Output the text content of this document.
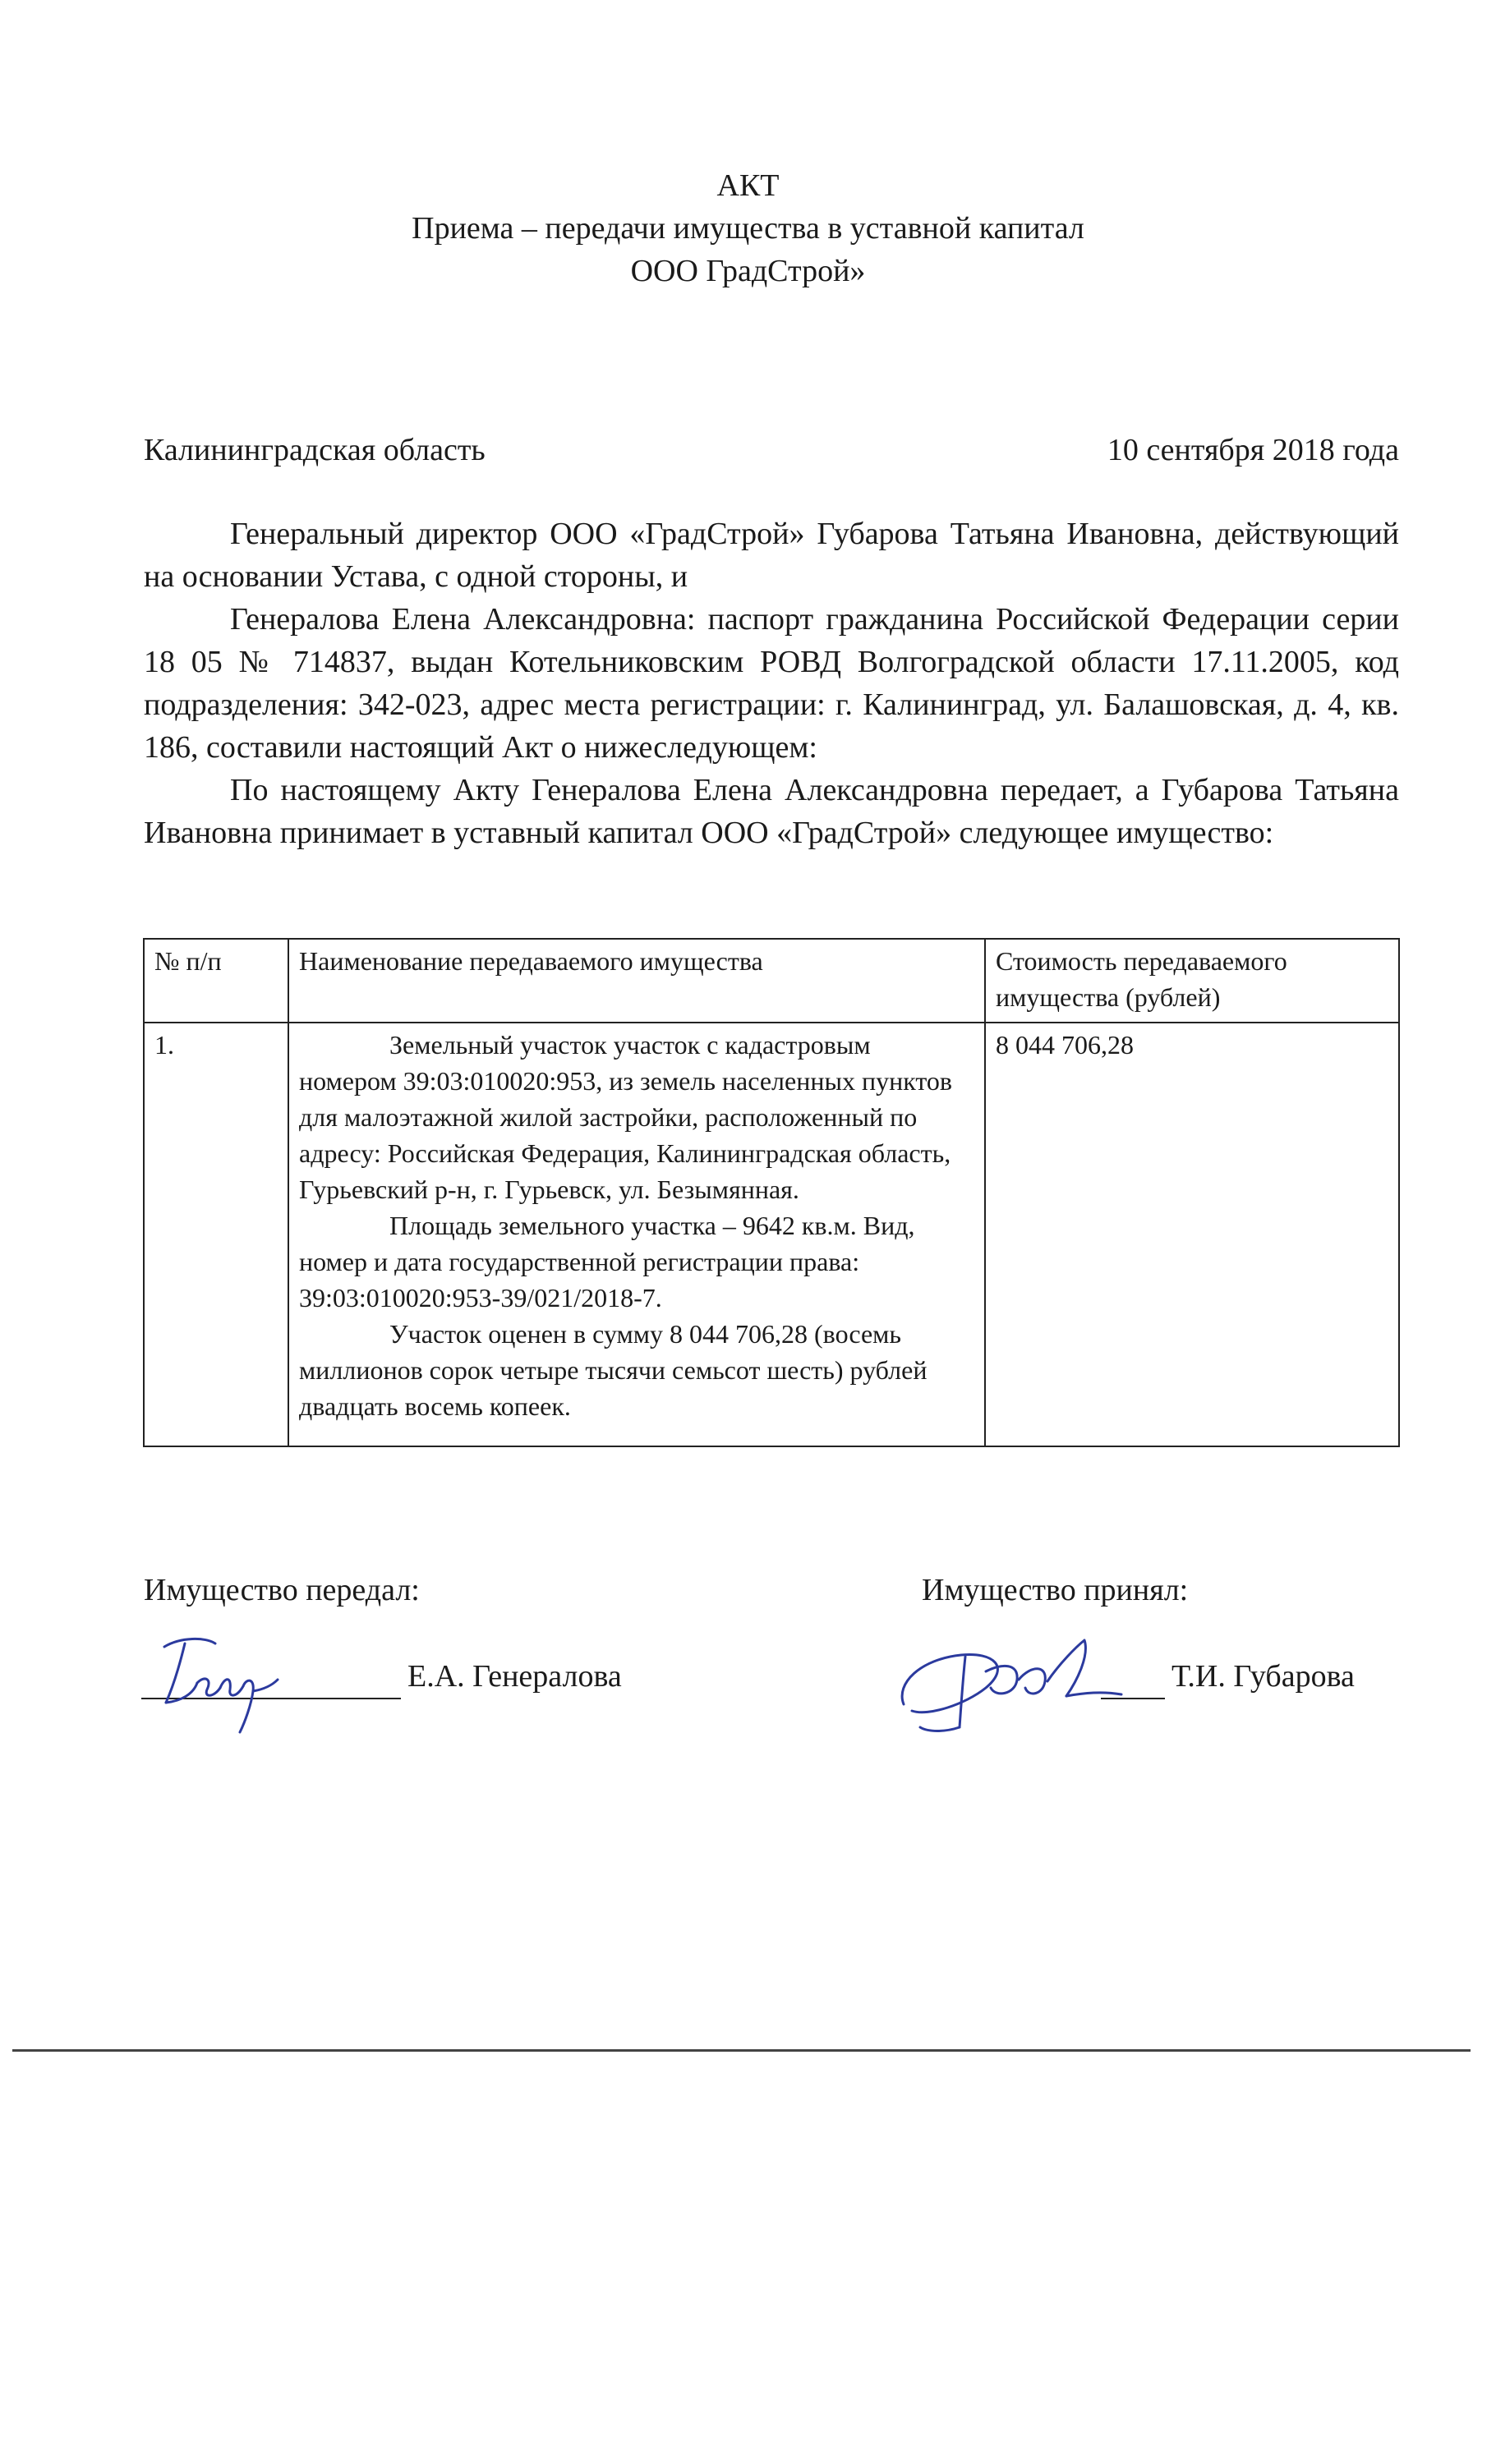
АКТ
Приема – передачи имущества в уставной капитал
ООО ГрадСтрой»
Калининградская область	10 сентября 2018 года

Генеральный директор ООО «ГрадСтрой» Губарова Татьяна Ивановна, действующий на основании Устава, с одной стороны, и

Генералова Елена Александровна: паспорт гражданина Российской Федерации серии 18 05 № 714837, выдан Котельниковским РОВД Волгоградской области 17.11.2005, код подразделения: 342-023, адрес места регистрации: г. Калининград, ул. Балашовская, д. 4, кв. 186, составили настоящий Акт о нижеследующем:

По настоящему Акту Генералова Елена Александровна передает, а Губарова Татьяна Ивановна принимает в уставный капитал ООО «ГрадСтрой» следующее имущество:

№ п/п	Наименование передаваемого имущества	Стоимость передаваемого имущества (рублей)
1.	Земельный участок участок с кадастровым номером 39:03:010020:953, из земель населенных пунктов для малоэтажной жилой застройки, расположенный по адресу: Российская Федерация, Калининградская область, Гурьевский р-н, г. Гурьевск, ул. Безымянная.

Площадь земельного участка – 9642 кв.м. Вид, номер и дата государственной регистрации права: 39:03:010020:953-39/021/2018-7.

Участок оценен в сумму 8 044 706,28 (восемь миллионов сорок четыре тысячи семьсот шесть) рублей двадцать восемь копеек.	8 044 706,28
Имущество передал:	Имущество принял:
Е.А. Генералова	Т.И. Губарова
